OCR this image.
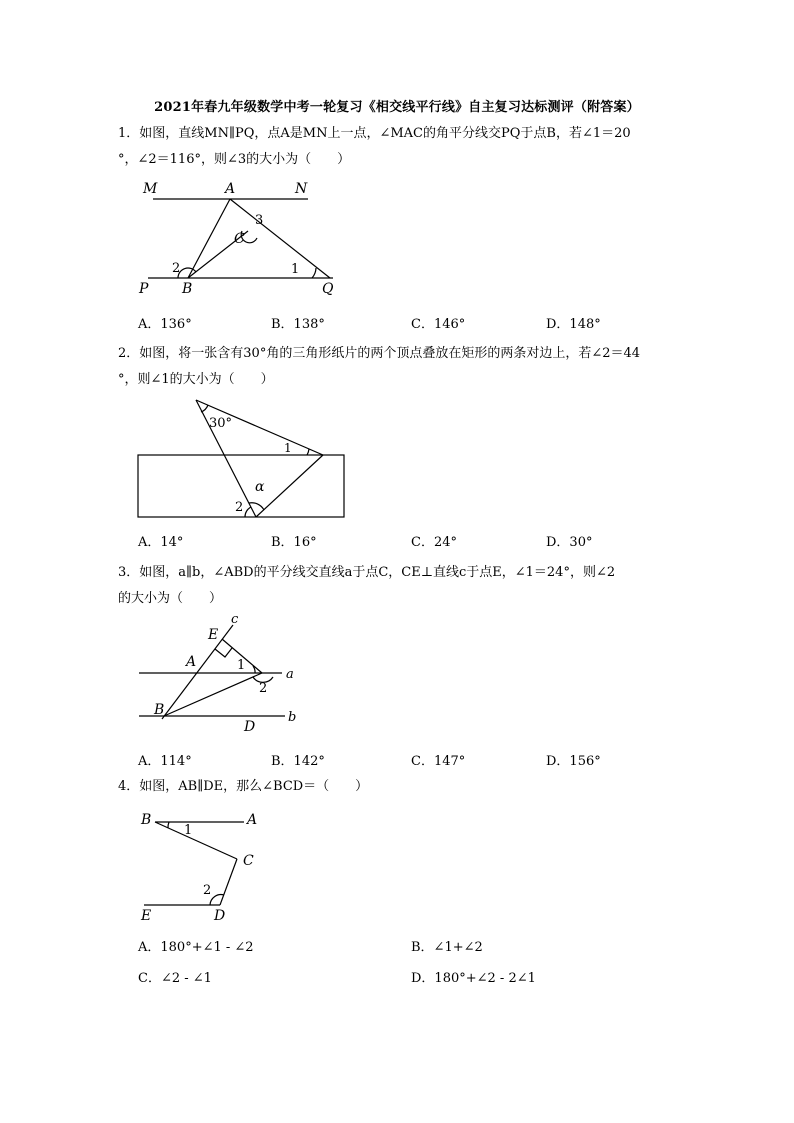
2021年春九年级数学中考一轮复习《相交线平行线》自主复习达标测评（附答案）
1．如图，直线MN∥PQ，点A是MN上一点，∠MAC的角平分线交PQ于点B，若∠1＝20
°，∠2＝116°，则∠3的大小为（　　）
M	A	N
3
C
2	1
P B	Q
A．136°	B．138°	C．146°	D．148°
2．如图，将一张含有30°角的三角形纸片的两个顶点叠放在矩形的两条对边上，若∠2＝44
°，则∠1的大小为（　　）
30°
1
α
2
A．14°	B．16°	C．24°	D．30°
3．如图，a∥b，∠ABD的平分线交直线a于点C，CE⊥直线c于点E，∠1＝24°，则∠2
的大小为（　　）
c
E
A	1
a
2
B
D
b
A．114°	B．142°	C．147°	D．156°
4．如图，AB∥DE，那么∠BCD＝（　　）
B
1
A
C
2
E	D
A．180°+∠1 - ∠2	B．∠1+∠2
C．∠2 - ∠1	D．180°+∠2 - 2∠1
